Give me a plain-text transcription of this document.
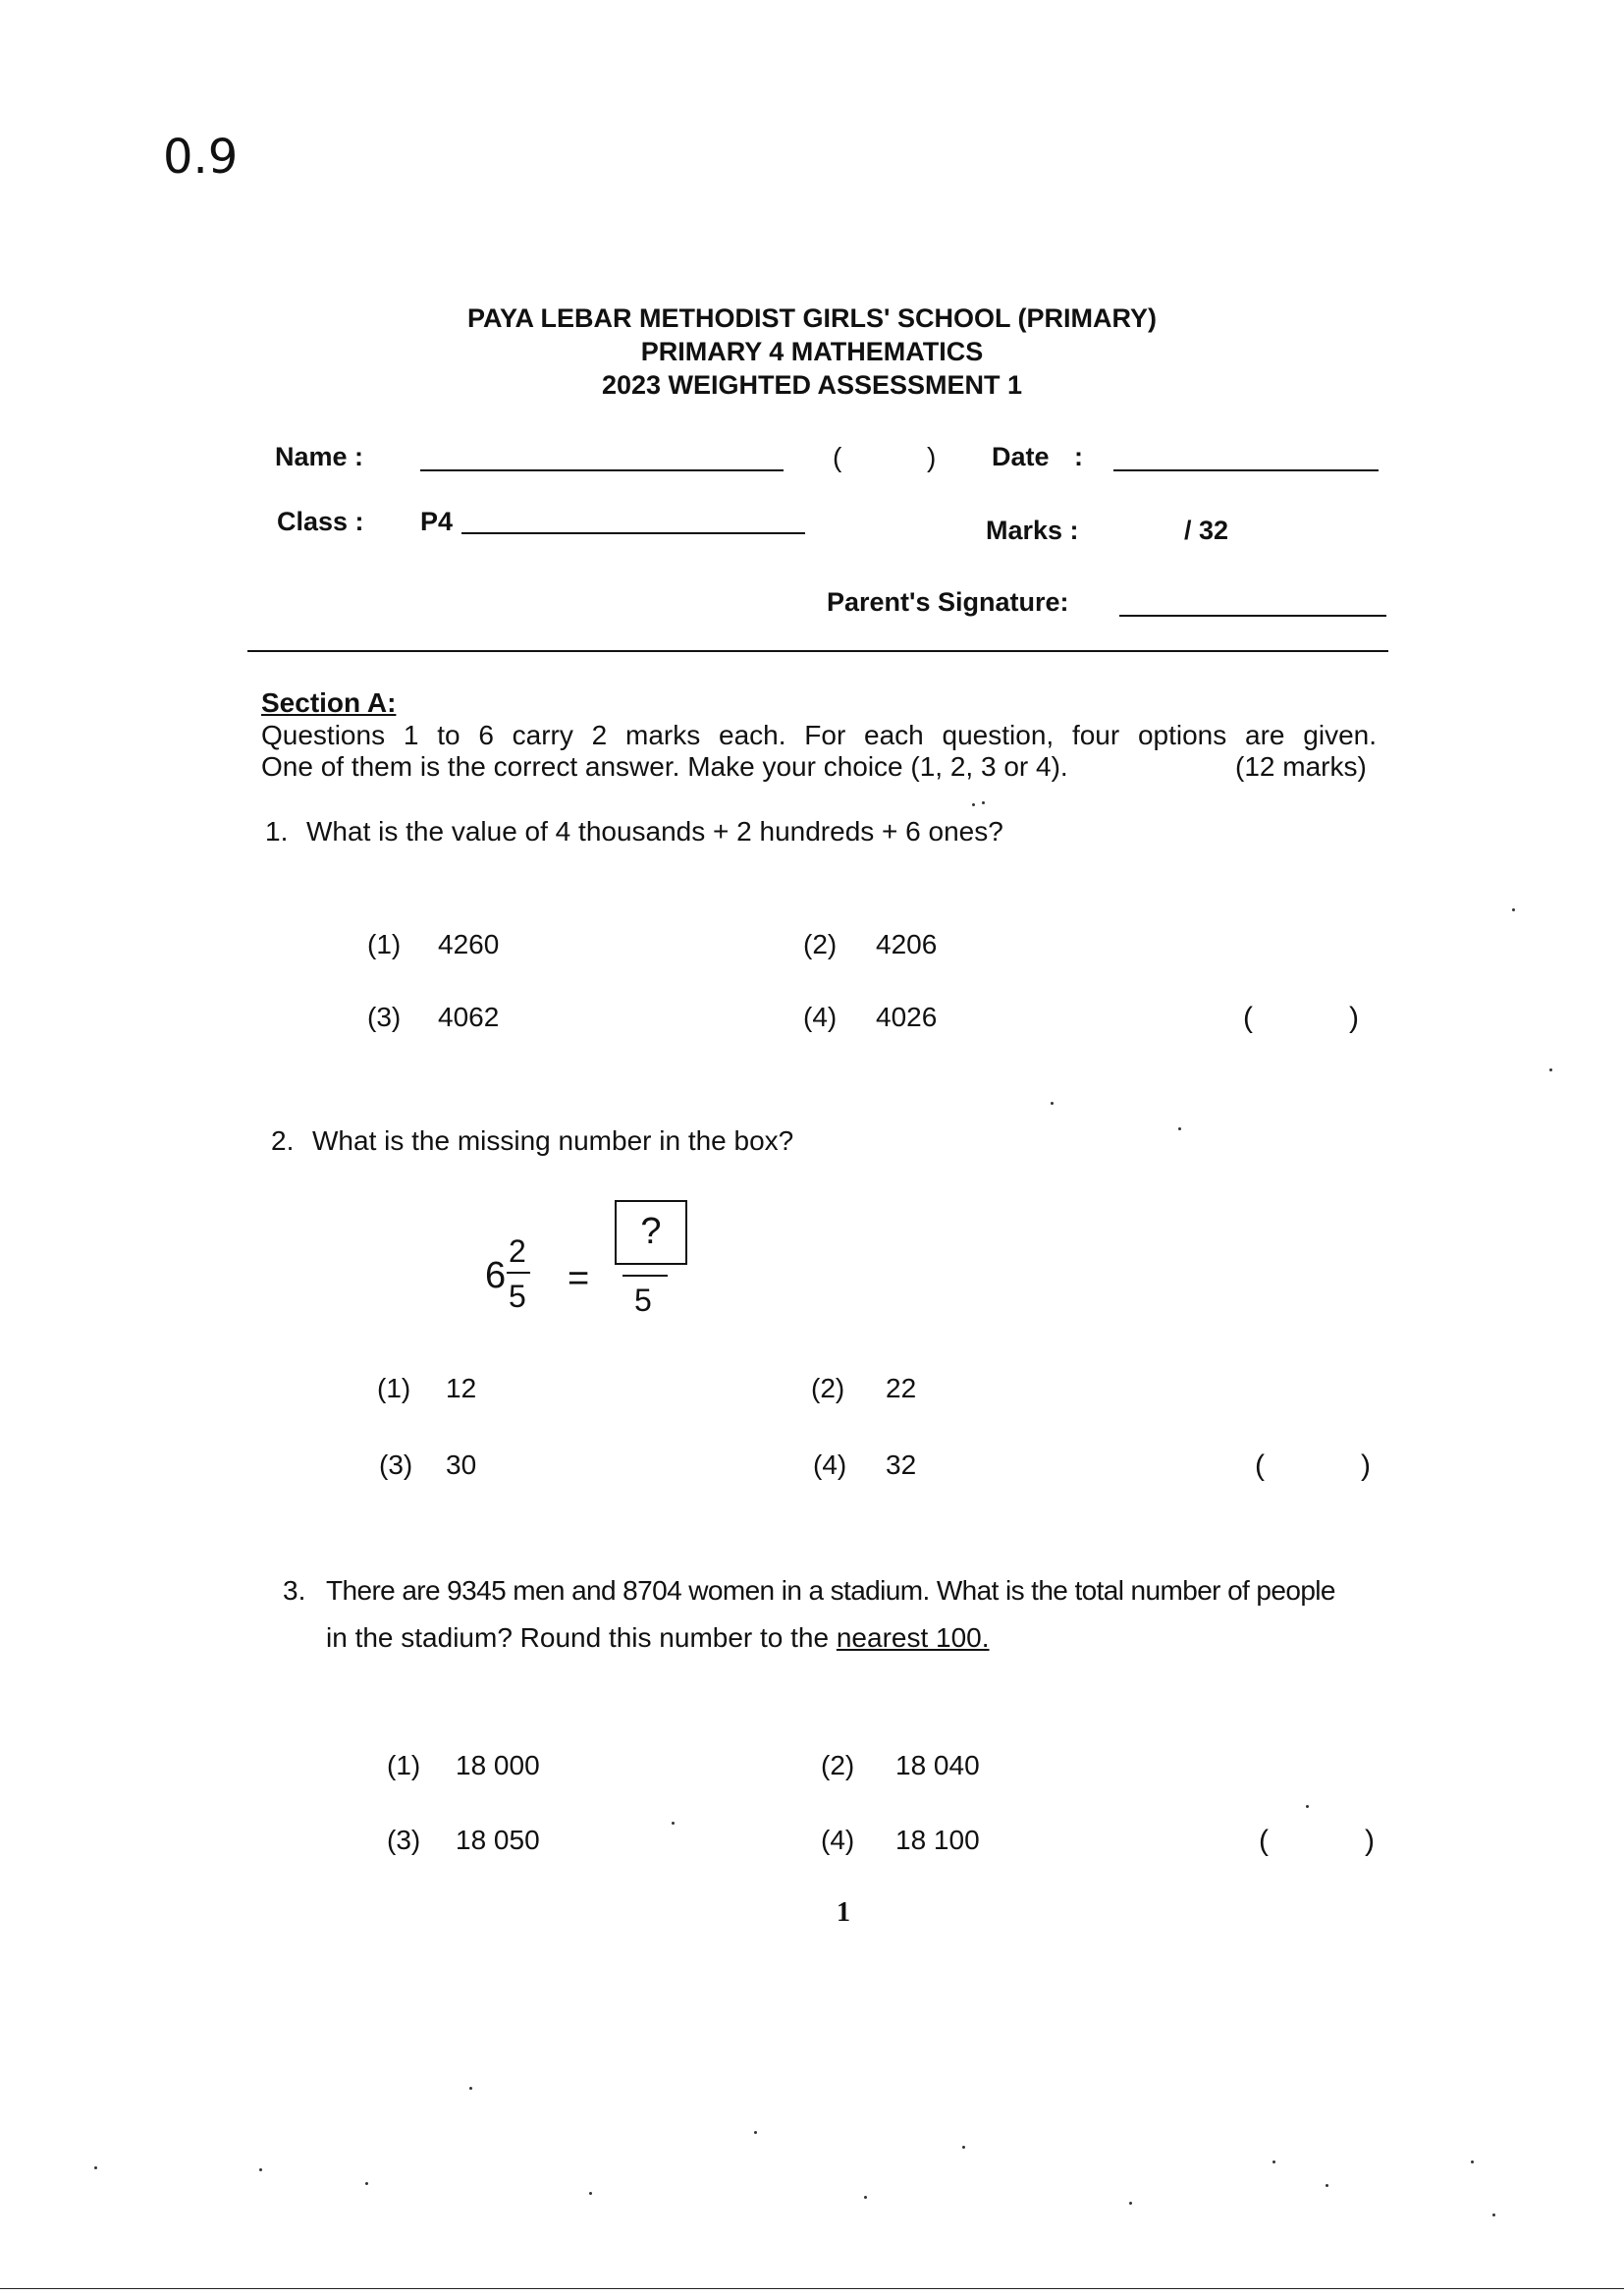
0.9
PAYA LEBAR METHODIST GIRLS' SCHOOL (PRIMARY)
PRIMARY 4 MATHEMATICS
2023 WEIGHTED ASSESSMENT 1
Name :	(	) Date :
Class : P4	Marks :	/ 32
Parent's Signature:
Section A:
Questions 1 to 6 carry 2 marks each. For each question, four options are given.
One of them is the correct answer. Make your choice (1, 2, 3 or 4).	(12 marks)
1. What is the value of 4 thousands + 2 hundreds + 6 ones?
(1) 4260	(2) 4206
(3) 4062	(4) 4026	(	)
2. What is the missing number in the box?
6
2
5 =
?
5
(1) 12	(2) 22
(3) 30	(4) 32	(	)
3. There are 9345 men and 8704 women in a stadium. What is the total number of people
in the stadium? Round this number to the nearest 100.
(1) 18 000	(2) 18 040
(3) 18 050	(4) 18 100	(	)
1
